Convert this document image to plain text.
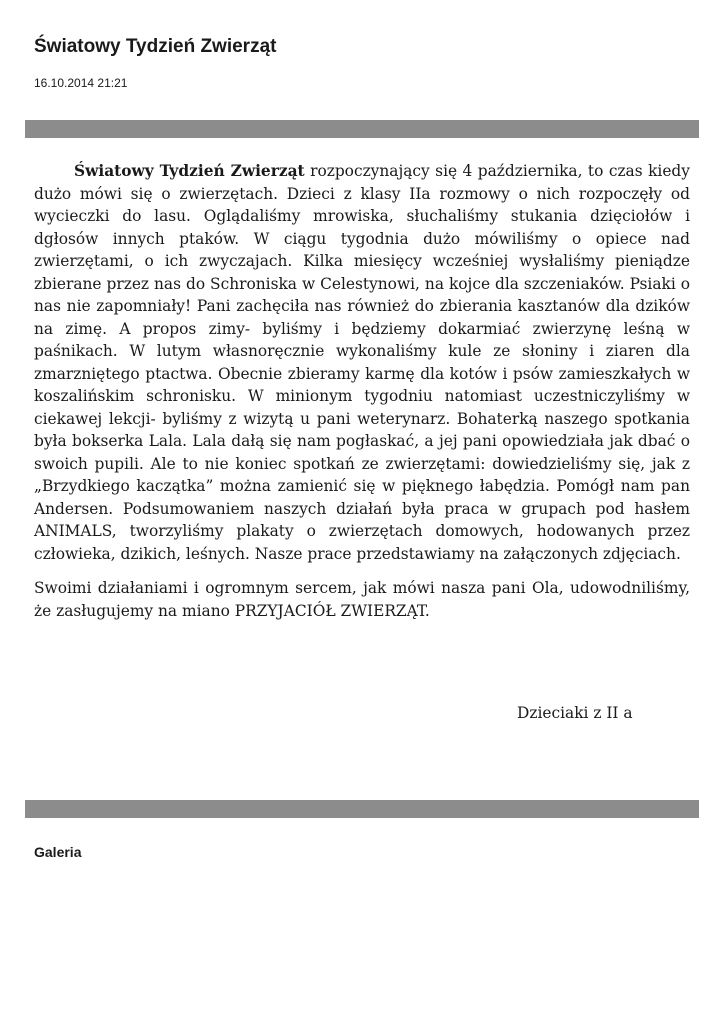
Światowy Tydzień Zwierząt
16.10.2014 21:21

Światowy Tydzień Zwierząt rozpoczynający się 4 października, to czas kiedy dużo mówi się o zwierzętach. Dzieci z klasy IIa rozmowy o nich rozpoczęły od wycieczki do lasu. Oglądaliśmy mrowiska, słuchaliśmy stukania dzięciołów i dgłosów innych ptaków. W ciągu tygodnia dużo mówiliśmy o opiece nad zwierzętami, o ich zwyczajach. Kilka miesięcy wcześniej wysłaliśmy pieniądze zbierane przez nas do Schroniska w Celestynowi, na kojce dla szczeniaków. Psiaki o nas nie zapomniały! Pani zachęciła nas również do zbierania kasztanów dla dzików na zimę. A propos zimy- byliśmy i będziemy dokarmiać zwierzynę leśną w paśnikach. W lutym własnoręcznie wykonaliśmy kule ze słoniny i ziaren dla zmarzniętego ptactwa. Obecnie zbieramy karmę dla kotów i psów zamieszkałych w koszalińskim schronisku. W minionym tygodniu natomiast uczestniczyliśmy w ciekawej lekcji- byliśmy z wizytą u pani weterynarz. Bohaterką naszego spotkania była bokserka Lala. Lala dałą się nam pogłaskać, a jej pani opowiedziała jak dbać o swoich pupili. Ale to nie koniec spotkań ze zwierzętami: dowiedzieliśmy się, jak z „Brzydkiego kaczątka” można zamienić się w pięknego łabędzia. Pomógł nam pan Andersen. Podsumowaniem naszych działań była praca w grupach pod hasłem ANIMALS, tworzyliśmy plakaty o zwierzętach domowych, hodowanych przez człowieka, dzikich, leśnych. Nasze prace przedstawiamy na załączonych zdjęciach.

Swoimi działaniami i ogromnym sercem, jak mówi nasza pani Ola, udowodniliśmy, że zasługujemy na miano PRZYJACIÓŁ ZWIERZĄT.

Dzieciaki z II a
Galeria
